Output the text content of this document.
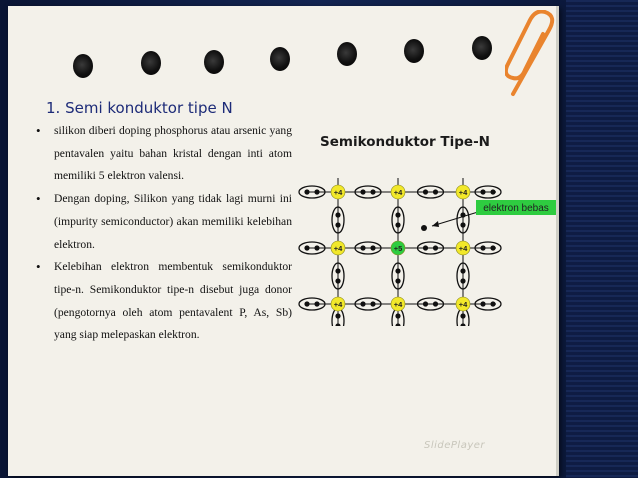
1. Semi konduktor tipe N
• silikon diberi doping phosphorus atau arsenic yang pentavalen yaitu bahan kristal dengan inti atom memiliki 5 elektron valensi.
• Dengan doping, Silikon yang tidak lagi murni ini (impurity semiconductor) akan memiliki kelebihan elektron.
• Kelebihan elektron membentuk semikonduktor tipe-n. Semikonduktor tipe-n disebut juga donor (pengotornya oleh atom pentavalent P, As, Sb) yang siap melepaskan elektron.
Semikonduktor Tipe-N
+4	+4	+4
+4	+5	+4
+4	+4	+4
elektron bebas
SlidePlayer
